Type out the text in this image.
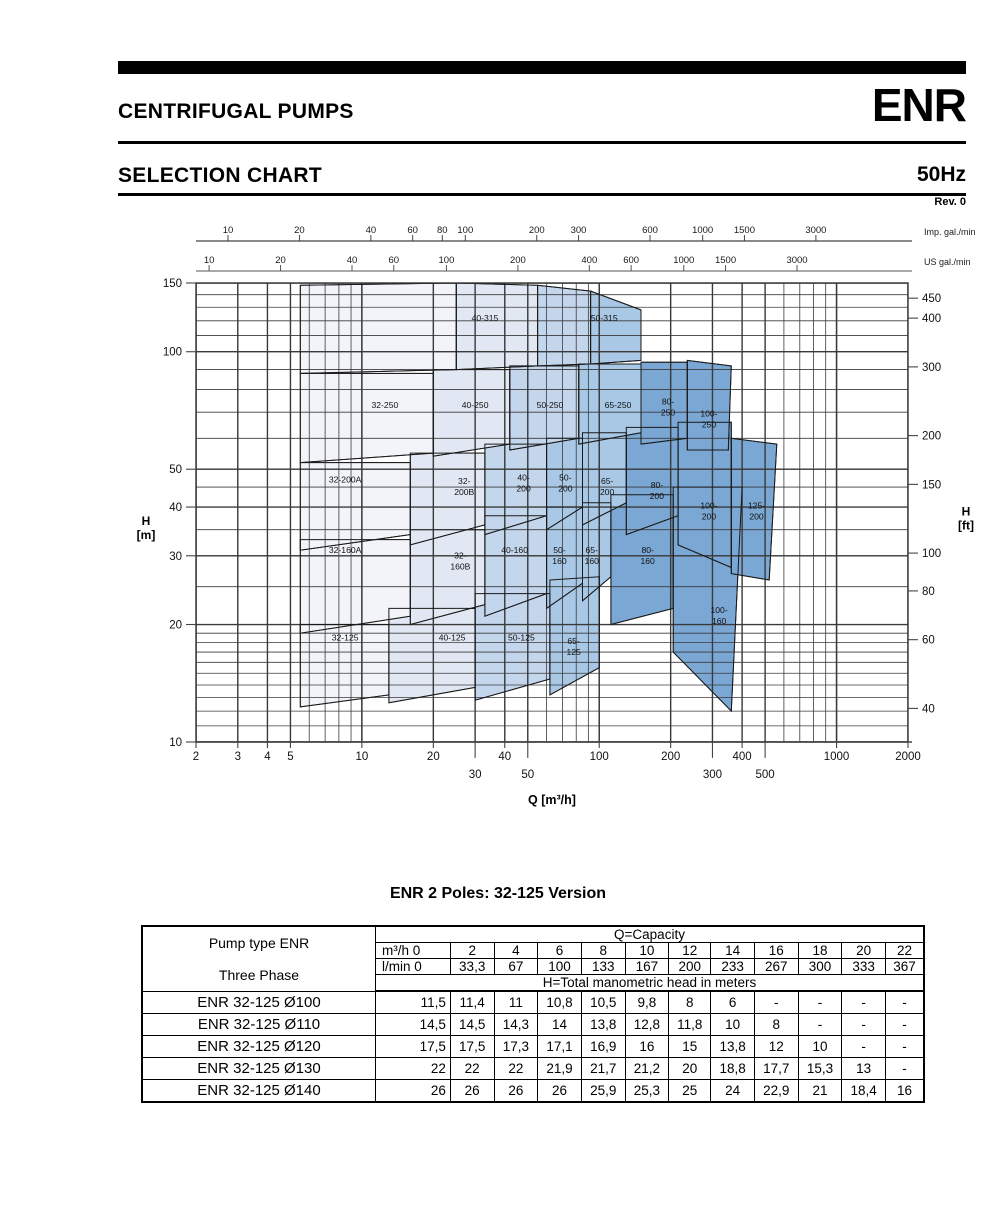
CENTRIFUGAL PUMPS	ENR
SELECTION CHART	50Hz
Rev. 0
40-315	50-315
32-250	40-250	50-250	65-250	80-
250	100-
250
32-200A	32-
200B
40-
200
50-
200
65-
200
80-
200
100-
200
125-
200
32-160A
32-
160B
40-160	50-
160
65-
160
80-
160
100-
160
32-125	40-125	50-125	65-
125
2	3 4 5	10	20
30
40
50
100	200
300
400
500
1000	2000
Q [m³/h]
10
20
30
40
50
100
150
H
[m]
40
60
80
100
150
200
300
400
450
H
[ft]
10	20	40	60	100	200	400	600	1000 1500	3000	US gal./min
10	20	40	60 80 100	200	300	600	1000 1500	3000	Imp. gal./min
ENR 2 Poles: 32-125 Version
Pump type ENR	Q=Capacity											
	m³/h 0	2	4	6	8	10	12	14	16	18	20	22

Three Phase	l/min 0	33,3	67	100	133	167	200	233	267	300	333	367
	H=Total manometric head in meters											
ENR 32-125 Ø100	11,5	11,4	11	10,8	10,5	9,8	8	6	-	-	-	-
ENR 32-125 Ø110	14,5	14,5	14,3	14	13,8	12,8	11,8	10	8	-	-	-
ENR 32-125 Ø120	17,5	17,5	17,3	17,1	16,9	16	15	13,8	12	10	-	-
ENR 32-125 Ø130	22	22	22	21,9	21,7	21,2	20	18,8	17,7	15,3	13	-
ENR 32-125 Ø140	26	26	26	26	25,9	25,3	25	24	22,9	21	18,4	16
